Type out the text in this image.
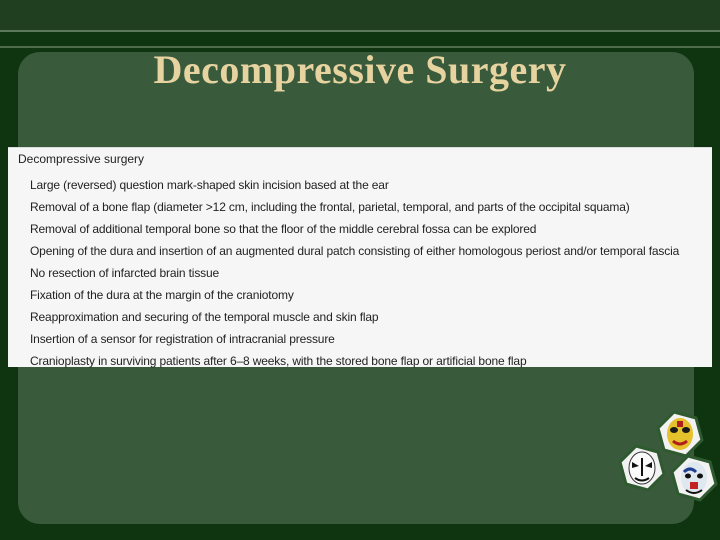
Decompressive Surgery
Decompressive surgery
Large (reversed) question mark-shaped skin incision based at the ear
Removal of a bone flap (diameter >12 cm, including the frontal, parietal, temporal, and parts of the occipital squama)
Removal of additional temporal bone so that the floor of the middle cerebral fossa can be explored
Opening of the dura and insertion of an augmented dural patch consisting of either homologous periost and/or temporal fascia
No resection of infarcted brain tissue
Fixation of the dura at the margin of the craniotomy
Reapproximation and securing of the temporal muscle and skin flap
Insertion of a sensor for registration of intracranial pressure
Cranioplasty in surviving patients after 6–8 weeks, with the stored bone flap or artificial bone flap
